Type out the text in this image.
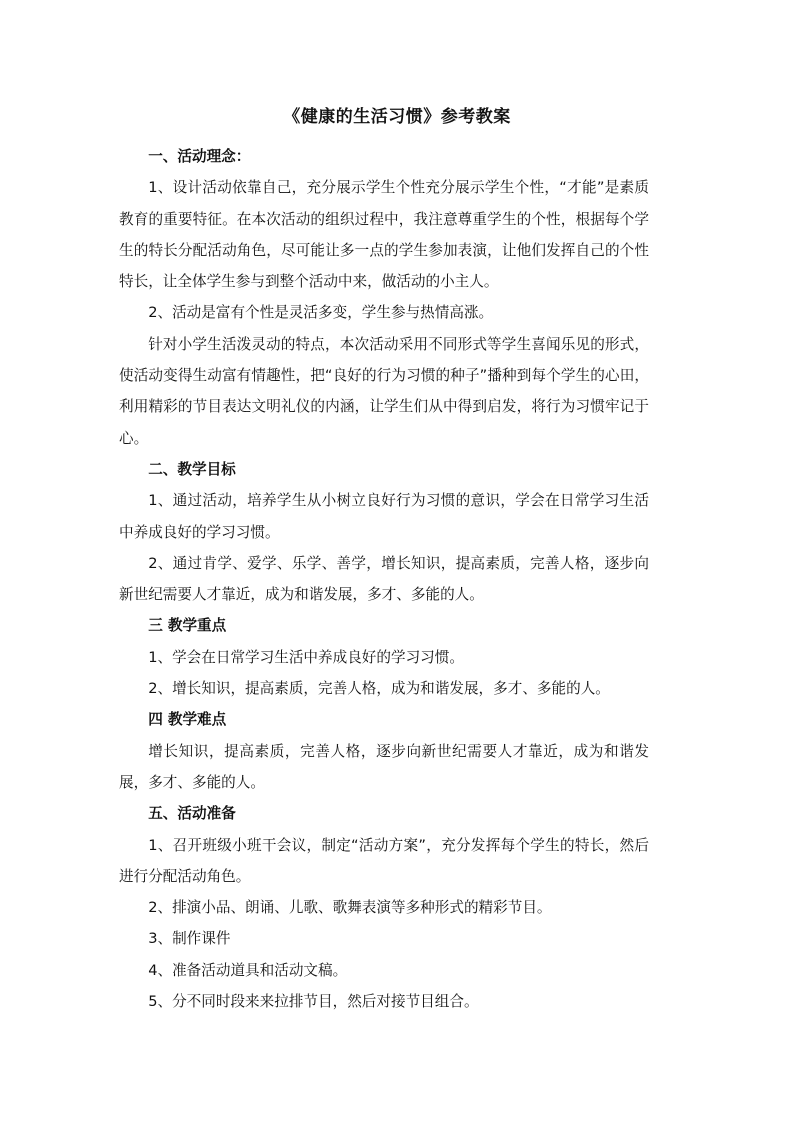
《健康的生活习惯》参考教案

一、活动理念：

1、设计活动依靠自己，充分展示学生个性充分展示学生个性，“才能”是素质教育的重要特征。在本次活动的组织过程中，我注意尊重学生的个性，根据每个学生的特长分配活动角色，尽可能让多一点的学生参加表演，让他们发挥自己的个性特长，让全体学生参与到整个活动中来，做活动的小主人。

2、活动是富有个性是灵活多变，学生参与热情高涨。

针对小学生活泼灵动的特点，本次活动采用不同形式等学生喜闻乐见的形式，使活动变得生动富有情趣性，把“良好的行为习惯的种子”播种到每个学生的心田，利用精彩的节目表达文明礼仪的内涵，让学生们从中得到启发，将行为习惯牢记于心。

二、教学目标

1、通过活动，培养学生从小树立良好行为习惯的意识，学会在日常学习生活中养成良好的学习习惯。

2、通过肯学、爱学、乐学、善学，增长知识，提高素质，完善人格，逐步向新世纪需要人才靠近，成为和谐发展，多才、多能的人。

三 教学重点

1、学会在日常学习生活中养成良好的学习习惯。

2、增长知识，提高素质，完善人格，成为和谐发展，多才、多能的人。

四 教学难点

增长知识，提高素质，完善人格，逐步向新世纪需要人才靠近，成为和谐发展，多才、多能的人。

五、活动准备

1、召开班级小班干会议，制定“活动方案”，充分发挥每个学生的特长，然后进行分配活动角色。

2、排演小品、朗诵、儿歌、歌舞表演等多种形式的精彩节目。

3、制作课件

4、准备活动道具和活动文稿。

5、分不同时段来来拉排节目，然后对接节目组合。
